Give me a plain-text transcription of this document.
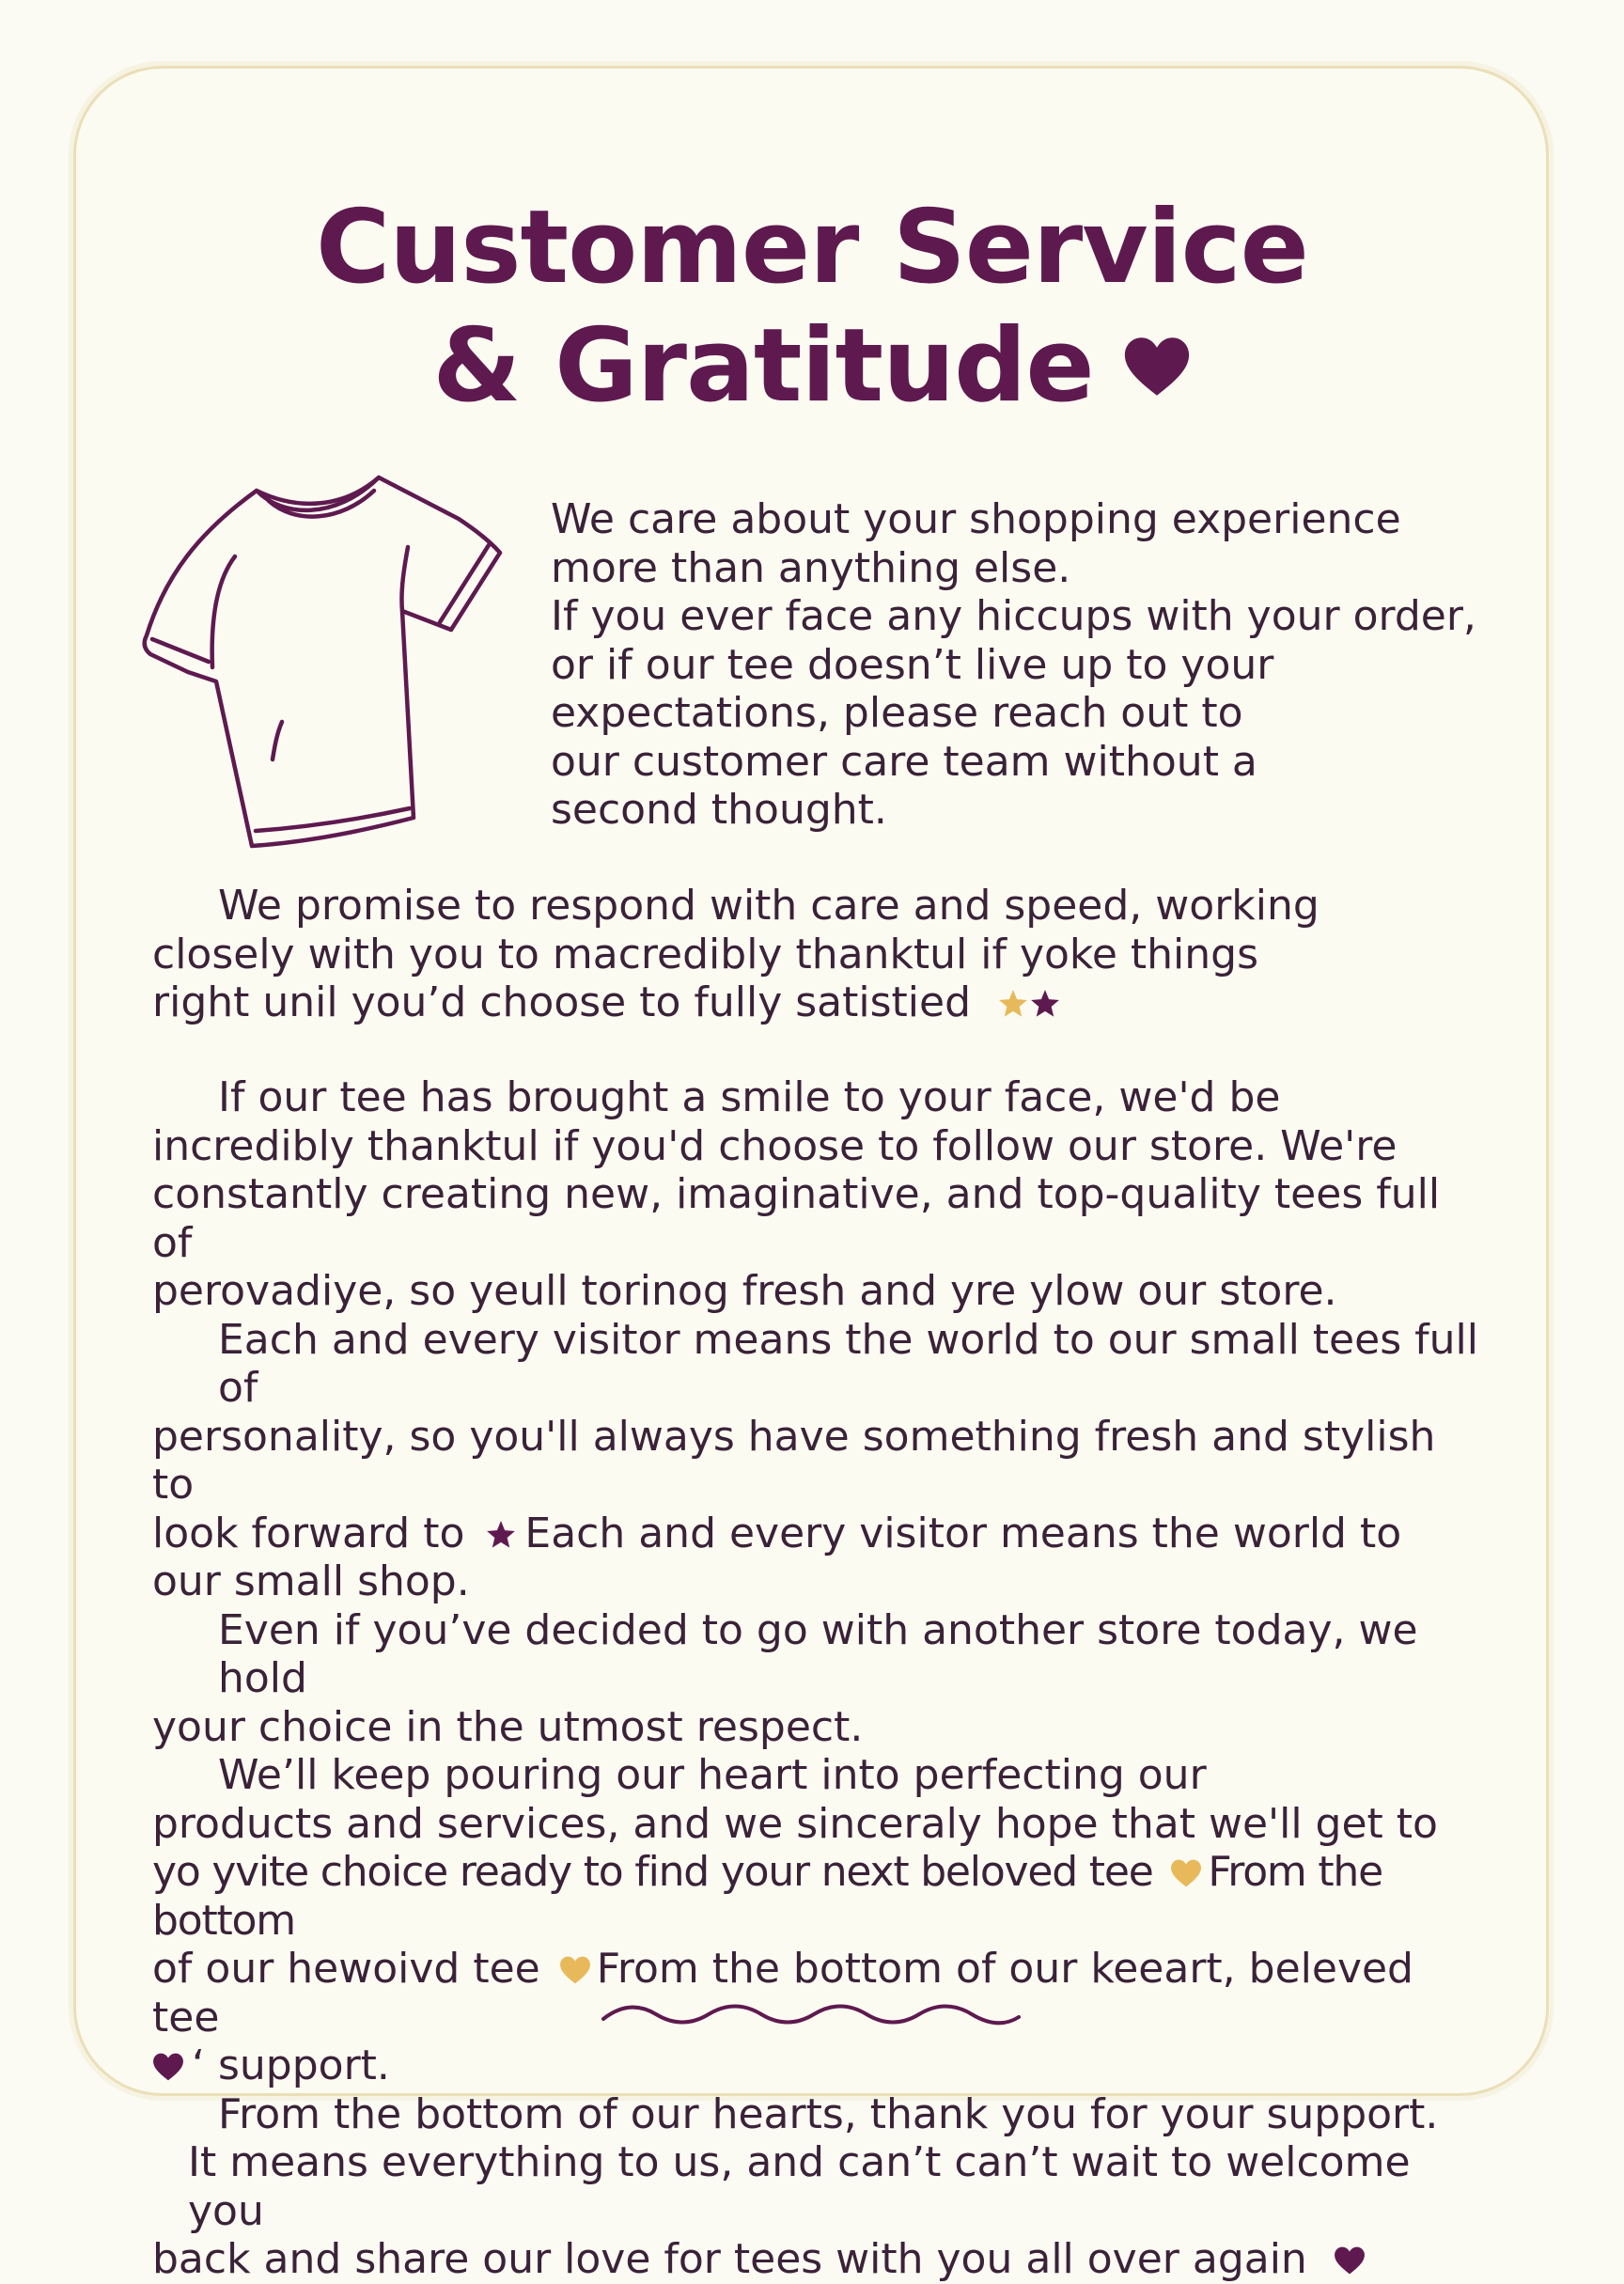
Customer Service
& Gratitude
We care about your shopping experience
more than anything else.
If you ever face any hiccups with your order,
or if our tee doesn’t live up to your
expectations, please reach out to
our customer care team without a
second thought.
We promise to respond with care and speed, working
closely with you to macredibly thanktul if yoke things
right unil you’d choose to fully satistied
If our tee has brought a smile to your face, we'd be
incredibly thanktul if you'd choose to follow our store. We're
constantly creating new, imaginative, and top-quality tees full of
perovadiye, so yeull torinog fresh and yre ylow our store.
Each and every visitor means the world to our small tees full of
personality, so you'll always have something fresh and stylish to
look forward to Each and every visitor means the world to
our small shop.
Even if you’ve decided to go with another store today, we hold
your choice in the utmost respect.
We’ll keep pouring our heart into perfecting our
products and services, and we sinceraly hope that we'll get to
yo yvite choice ready to find your next beloved tee From the bottom
of our hewoivd tee From the bottom of our keeart, beleved tee
‘ support.
From the bottom of our hearts, thank you for your support.
It means everything to us, and can’t can’t wait to welcome you
back and share our love for tees with you all over again
